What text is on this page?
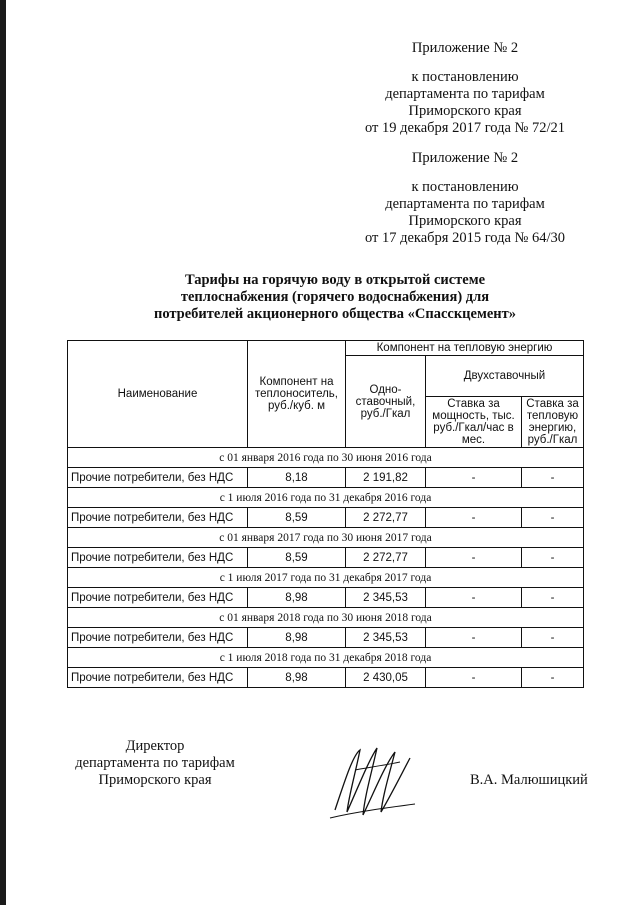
Приложение № 2
к постановлению
департамента по тарифам
Приморского края
от 19 декабря 2017 года № 72/21
Приложение № 2
к постановлению
департамента по тарифам
Приморского края
от 17 декабря 2015 года № 64/30
Тарифы на горячую воду в открытой системе
теплоснабжения (горячего водоснабжения) для
потребителей акционерного общества «Спасскцемент»
Наименование	Компонент на теплоноситель, руб./куб. м	Компонент на тепловую энергию		
		Одно-ставочный, руб./Гкал	Двухставочный	
			Ставка за мощность, тыс. руб./Гкал/час в мес.	Ставка за тепловую энергию, руб./Гкал
с 01 января 2016 года по 30 июня 2016 года				
Прочие потребители, без НДС	8,18	2 191,82	-	-
с 1 июля 2016 года по 31 декабря 2016 года				
Прочие потребители, без НДС	8,59	2 272,77	-	-
с 01 января 2017 года по 30 июня 2017 года				
Прочие потребители, без НДС	8,59	2 272,77	-	-
с 1 июля 2017 года по 31 декабря 2017 года				
Прочие потребители, без НДС	8,98	2 345,53	-	-
с 01 января 2018 года по 30 июня 2018 года				
Прочие потребители, без НДС	8,98	2 345,53	-	-
с 1 июля 2018 года по 31 декабря 2018 года				
Прочие потребители, без НДС	8,98	2 430,05	-	-
Директор
департамента по тарифам
Приморского края	В.А. Малюшицкий
